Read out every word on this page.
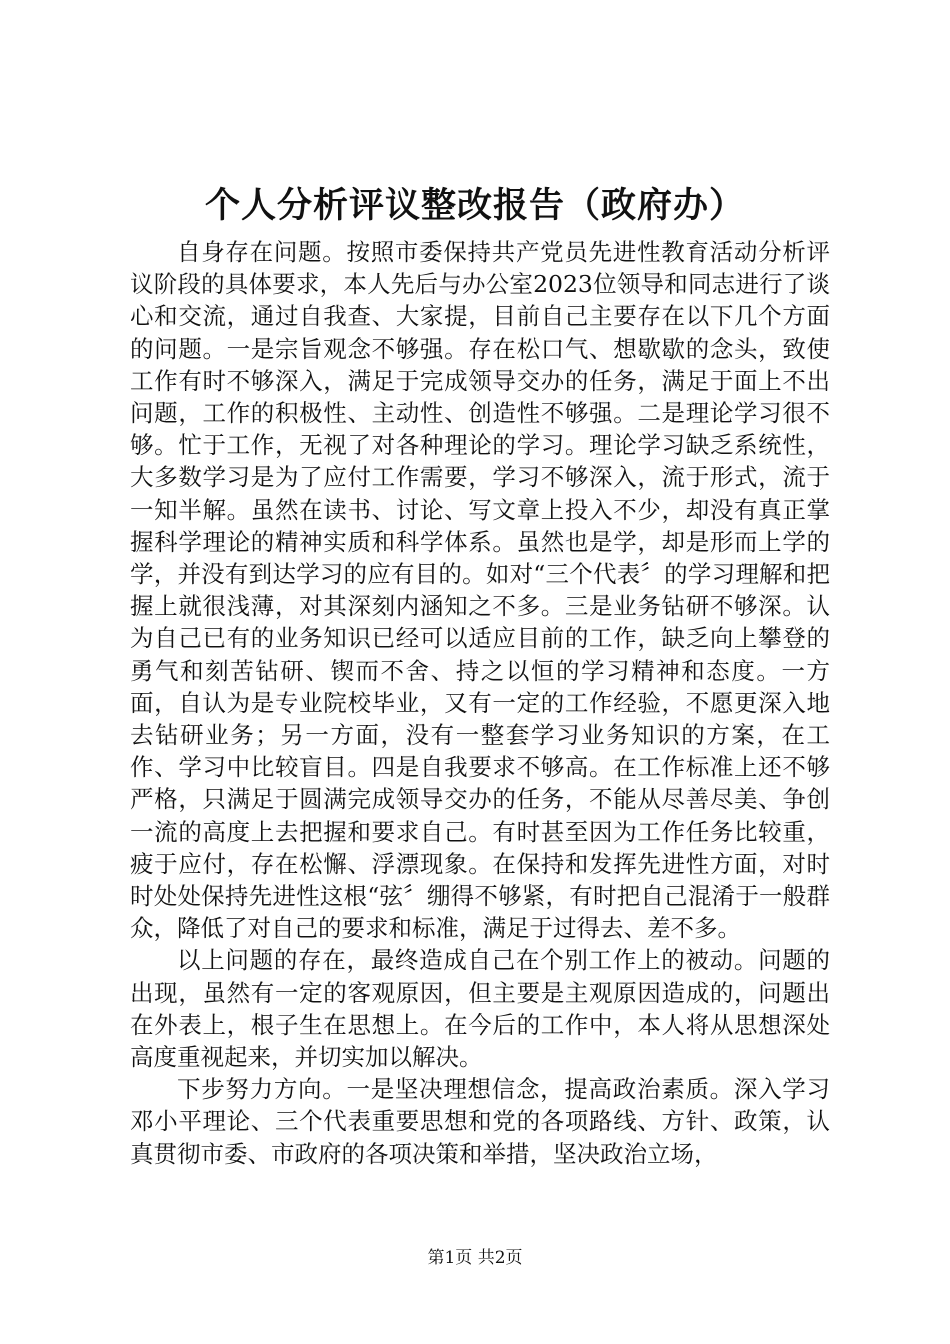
个人分析评议整改报告（政府办）

自身存在问题。按照市委保持共产党员先进性教育活动分析评议阶段的具体要求，本人先后与办公室2023位领导和同志进行了谈心和交流，通过自我查、大家提，目前自己主要存在以下几个方面的问题。一是宗旨观念不够强。存在松口气、想歇歇的念头，致使工作有时不够深入，满足于完成领导交办的任务，满足于面上不出问题，工作的积极性、主动性、创造性不够强。二是理论学习很不够。忙于工作，无视了对各种理论的学习。理论学习缺乏系统性，大多数学习是为了应付工作需要，学习不够深入，流于形式，流于一知半解。虽然在读书、讨论、写文章上投入不少，却没有真正掌握科学理论的精神实质和科学体系。虽然也是学，却是形而上学的学，并没有到达学习的应有目的。如对“三个代表〞的学习理解和把握上就很浅薄，对其深刻内涵知之不多。三是业务钻研不够深。认为自己已有的业务知识已经可以适应目前的工作，缺乏向上攀登的勇气和刻苦钻研、锲而不舍、持之以恒的学习精神和态度。一方面，自认为是专业院校毕业，又有一定的工作经验，不愿更深入地去钻研业务；另一方面，没有一整套学习业务知识的方案，在工作、学习中比较盲目。四是自我要求不够高。在工作标准上还不够严格，只满足于圆满完成领导交办的任务，不能从尽善尽美、争创一流的高度上去把握和要求自己。有时甚至因为工作任务比较重，疲于应付，存在松懈、浮漂现象。在保持和发挥先进性方面，对时时处处保持先进性这根“弦〞绷得不够紧，有时把自己混淆于一般群众，降低了对自己的要求和标准，满足于过得去、差不多。

以上问题的存在，最终造成自己在个别工作上的被动。问题的出现，虽然有一定的客观原因，但主要是主观原因造成的，问题出在外表上，根子生在思想上。在今后的工作中，本人将从思想深处高度重视起来，并切实加以解决。

下步努力方向。一是坚决理想信念，提高政治素质。深入学习邓小平理论、三个代表重要思想和党的各项路线、方针、政策，认真贯彻市委、市政府的各项决策和举措，坚决政治立场，

第1页 共2页
